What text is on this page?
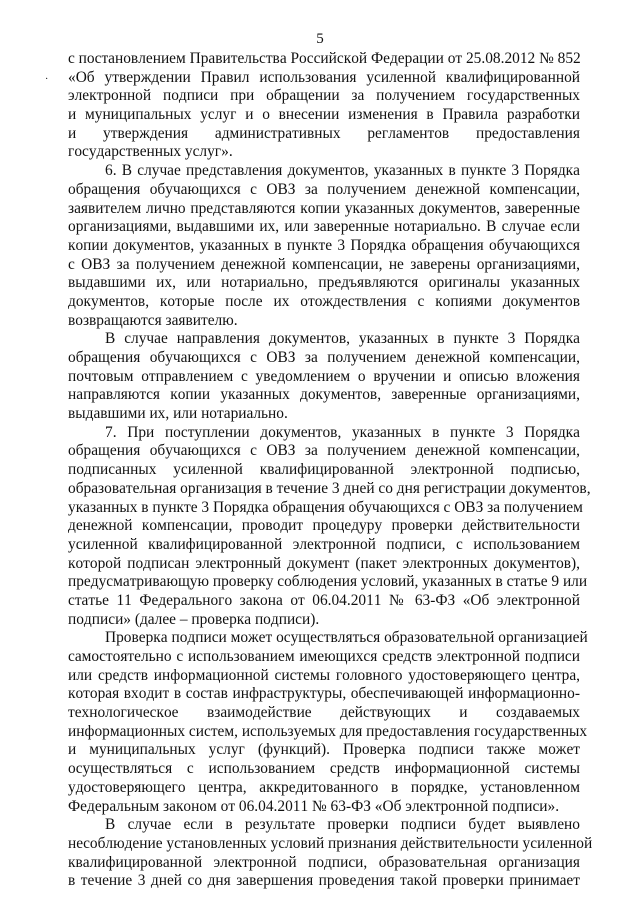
5
·
с постановлением Правительства Российской Федерации от 25.08.2012 № 852
«Об утверждении Правил использования усиленной квалифицированной
электронной подписи при обращении за получением государственных
и муниципальных услуг и о внесении изменения в Правила разработки
и утверждения административных регламентов предоставления
государственных услуг».
6. В случае представления документов, указанных в пункте 3 Порядка
обращения обучающихся с ОВЗ за получением денежной компенсации,
заявителем лично представляются копии указанных документов, заверенные
организациями, выдавшими их, или заверенные нотариально. В случае если
копии документов, указанных в пункте 3 Порядка обращения обучающихся
с ОВЗ за получением денежной компенсации, не заверены организациями,
выдавшими их, или нотариально, предъявляются оригиналы указанных
документов, которые после их отождествления с копиями документов
возвращаются заявителю.
В случае направления документов, указанных в пункте 3 Порядка
обращения обучающихся с ОВЗ за получением денежной компенсации,
почтовым отправлением с уведомлением о вручении и описью вложения
направляются копии указанных документов, заверенные организациями,
выдавшими их, или нотариально.
7. При поступлении документов, указанных в пункте 3 Порядка
обращения обучающихся с ОВЗ за получением денежной компенсации,
подписанных усиленной квалифицированной электронной подписью,
образовательная организация в течение 3 дней со дня регистрации документов,
указанных в пункте 3 Порядка обращения обучающихся с ОВЗ за получением
денежной компенсации, проводит процедуру проверки действительности
усиленной квалифицированной электронной подписи, с использованием
которой подписан электронный документ (пакет электронных документов),
предусматривающую проверку соблюдения условий, указанных в статье 9 или
статье 11 Федерального закона от 06.04.2011 № 63-ФЗ «Об электронной
подписи» (далее – проверка подписи).
Проверка подписи может осуществляться образовательной организацией
самостоятельно с использованием имеющихся средств электронной подписи
или средств информационной системы головного удостоверяющего центра,
которая входит в состав инфраструктуры, обеспечивающей информационно-
технологическое взаимодействие действующих и создаваемых
информационных систем, используемых для предоставления государственных
и муниципальных услуг (функций). Проверка подписи также может
осуществляться с использованием средств информационной системы
удостоверяющего центра, аккредитованного в порядке, установленном
Федеральным законом от 06.04.2011 № 63-ФЗ «Об электронной подписи».
В случае если в результате проверки подписи будет выявлено
несоблюдение установленных условий признания действительности усиленной
квалифицированной электронной подписи, образовательная организация
в течение 3 дней со дня завершения проведения такой проверки принимает
